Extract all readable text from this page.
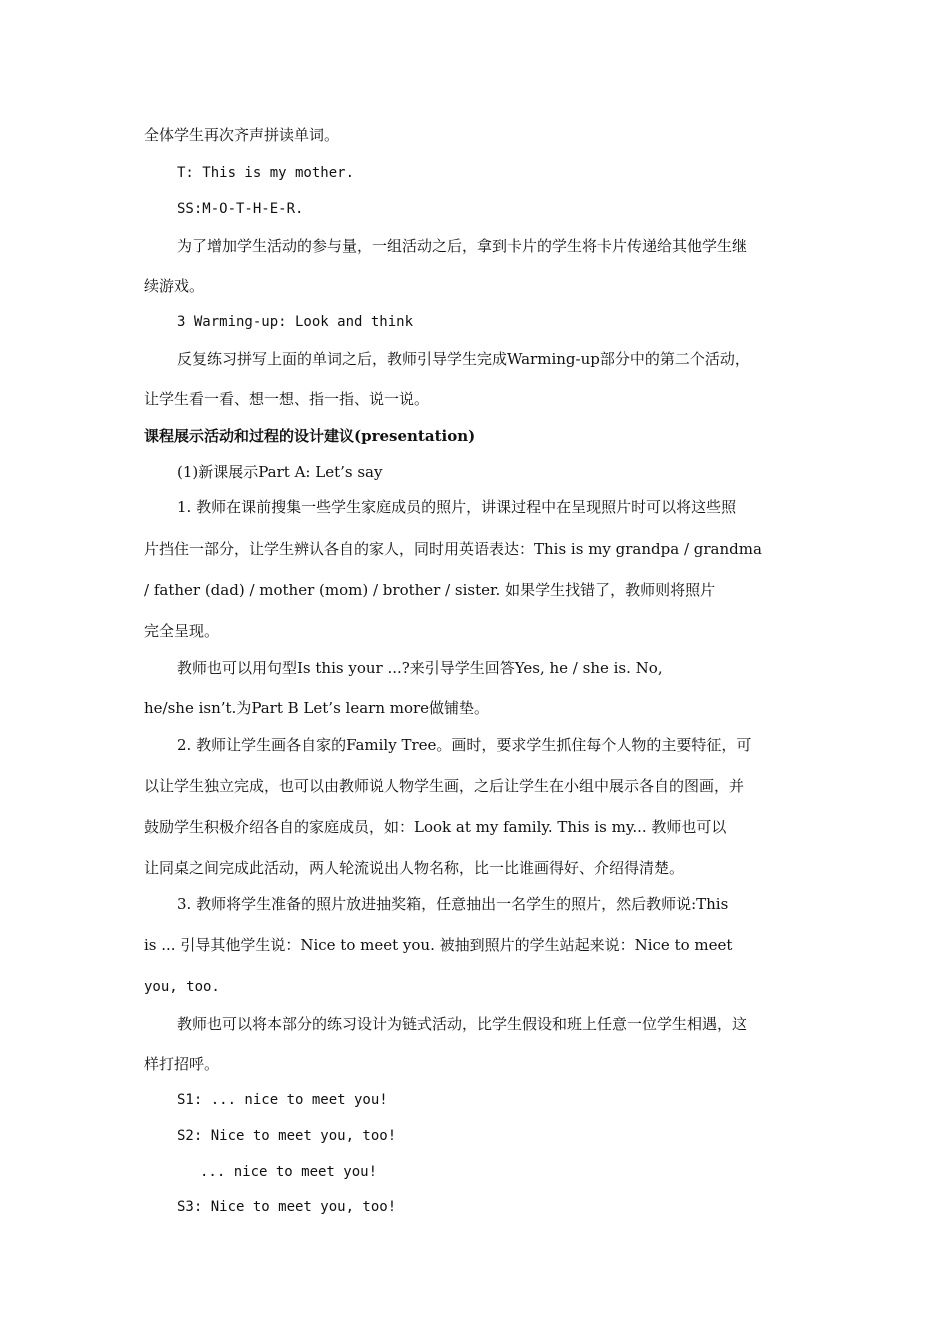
全体学生再次齐声拼读单词。
T: This is my mother.
SS:M-O-T-H-E-R.
为了增加学生活动的参与量，一组活动之后，拿到卡片的学生将卡片传递给其他学生继
续游戏。
3 Warming-up: Look and think
反复练习拼写上面的单词之后，教师引导学生完成Warming-up部分中的第二个活动，
让学生看一看、想一想、指一指、说一说。
课程展示活动和过程的设计建议(presentation)
(1)新课展示Part A: Let’s say
1. 教师在课前搜集一些学生家庭成员的照片，讲课过程中在呈现照片时可以将这些照
片挡住一部分，让学生辨认各自的家人，同时用英语表达：This is my grandpa / grandma
/ father (dad) / mother (mom) / brother / sister. 如果学生找错了，教师则将照片
完全呈现。
教师也可以用句型Is this your ...?来引导学生回答Yes, he / she is. No,
he/she isn’t.为Part B Let’s learn more做铺垫。
2. 教师让学生画各自家的Family Tree。画时，要求学生抓住每个人物的主要特征，可
以让学生独立完成，也可以由教师说人物学生画，之后让学生在小组中展示各自的图画，并
鼓励学生积极介绍各自的家庭成员，如：Look at my family. This is my... 教师也可以
让同桌之间完成此活动，两人轮流说出人物名称，比一比谁画得好、介绍得清楚。
3. 教师将学生准备的照片放进抽奖箱，任意抽出一名学生的照片，然后教师说:This
is ... 引导其他学生说：Nice to meet you. 被抽到照片的学生站起来说：Nice to meet
you, too.
教师也可以将本部分的练习设计为链式活动，比学生假设和班上任意一位学生相遇，这
样打招呼。
S1: ... nice to meet you!
S2: Nice to meet you, too!
... nice to meet you!
S3: Nice to meet you, too!
